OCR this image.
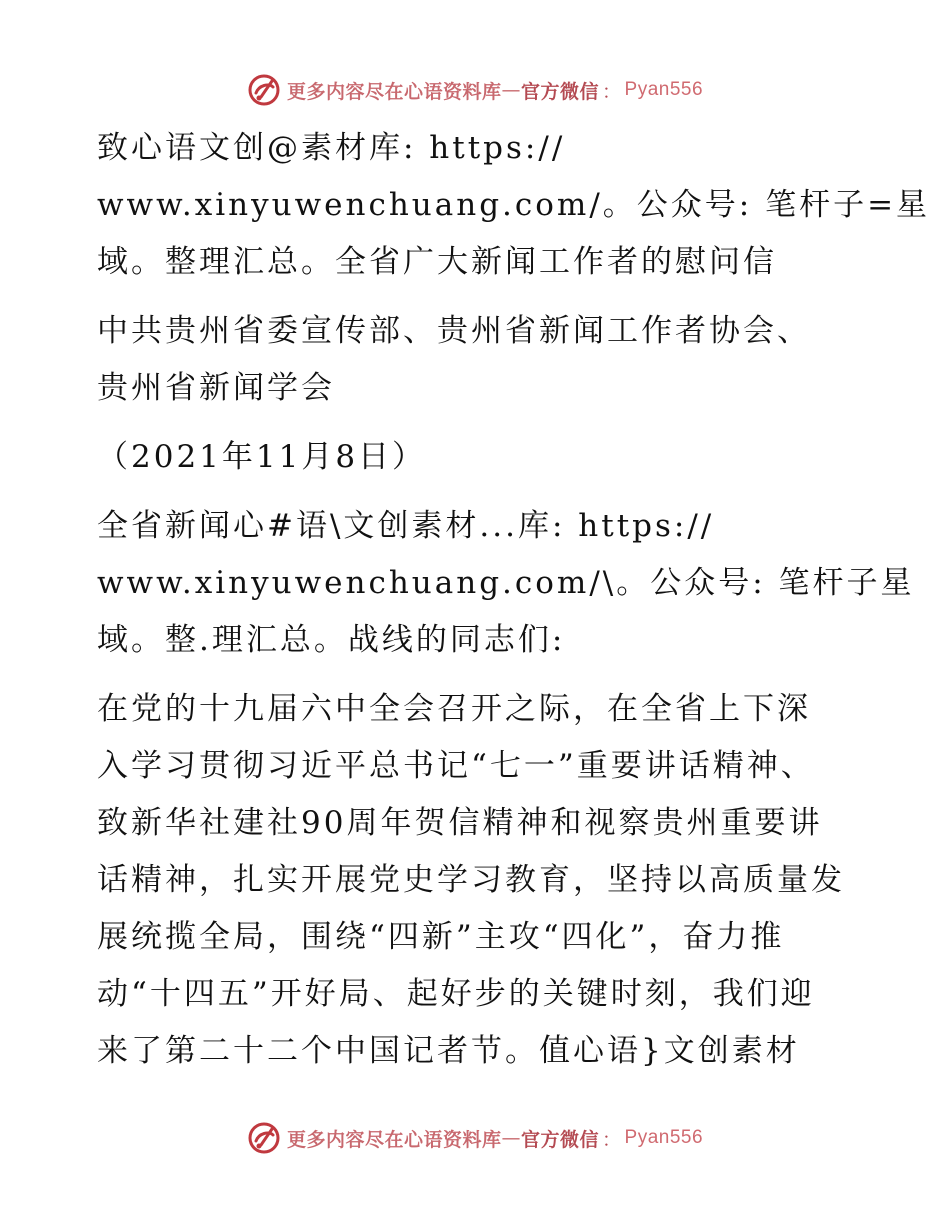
更多内容尽在心语资料库 — 官方微信 ： Pyan556
致心语文创@素材库: https://
www.xinyuwenchuang.com/。公众号: 笔杆子=星
域。整理汇总。全省广大新闻工作者的慰问信
中共贵州省委宣传部、贵州省新闻工作者协会、
贵州省新闻学会
（2021年11月8日）
全省新闻心#语\文创素材...库: https://
www.xinyuwenchuang.com/\。公众号: 笔杆子星
域。整.理汇总。战线的同志们:
在党的十九届六中全会召开之际，在全省上下深
入学习贯彻习近平总书记“七一”重要讲话精神、
致新华社建社90周年贺信精神和视察贵州重要讲
话精神，扎实开展党史学习教育，坚持以高质量发
展统揽全局，围绕“四新”主攻“四化”，奋力推
动“十四五”开好局、起好步的关键时刻，我们迎
来了第二十二个中国记者节。值心语}文创素材
更多内容尽在心语资料库 — 官方微信 ： Pyan556
